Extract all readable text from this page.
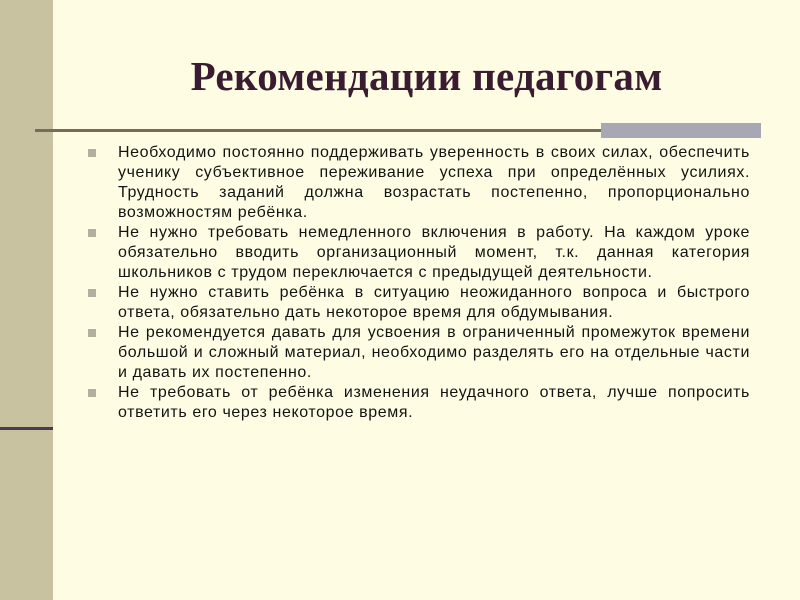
Рекомендации педагогам
Необходимо постоянно поддерживать уверенность в своих силах, обеспечить ученику субъективное переживание успеха при определённых усилиях. Трудность заданий должна возрастать постепенно, пропорционально возможностям ребёнка.
Не нужно требовать немедленного включения в работу. На каждом уроке обязательно вводить организационный момент, т.к. данная категория школьников с трудом переключается с предыдущей деятельности.
Не нужно ставить ребёнка в ситуацию неожиданного вопроса и быстрого ответа, обязательно дать некоторое время для обдумывания.
Не рекомендуется давать для усвоения в ограниченный промежуток времени большой и сложный материал, необходимо разделять его на отдельные части и давать их постепенно.
Не требовать от ребёнка изменения неудачного ответа, лучше попросить ответить его через некоторое время.
